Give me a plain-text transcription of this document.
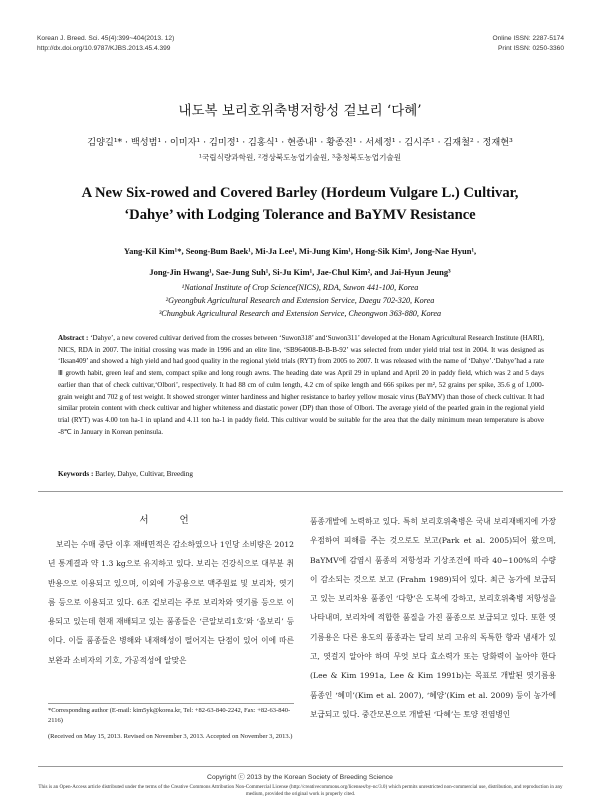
Korean J. Breed. Sci. 45(4):399~404(2013. 12)
http://dx.doi.org/10.9787/KJBS.2013.45.4.399
Online ISSN: 2287-5174
Print ISSN: 0250-3360
내도복 보리호위축병저항성 겉보리 ‘다혜’
김양길¹* · 백성범¹ · 이미자¹ · 김미정¹ · 김홍식¹ · 현종내¹ · 황종진¹ · 서세정¹ · 김시주¹ · 김재철² · 정재현³
¹국립식량과학원, ²경상북도농업기술원, ³충청북도농업기술원
A New Six-rowed and Covered Barley (Hordeum Vulgare L.) Cultivar,
‘Dahye’ with Lodging Tolerance and BaYMV Resistance
Yang-Kil Kim¹*, Seong-Bum Baek¹, Mi-Ja Lee¹, Mi-Jung Kim¹, Hong-Sik Kim¹, Jong-Nae Hyun¹,
Jong-Jin Hwang¹, Sae-Jung Suh¹, Si-Ju Kim¹, Jae-Chul Kim², and Jai-Hyun Jeung³
¹National Institute of Crop Science(NICS), RDA, Suwon 441-100, Korea
²Gyeongbuk Agricultural Research and Extension Service, Daegu 702-320, Korea
³Chungbuk Agricultural Research and Extension Service, Cheongwon 363-880, Korea
Abstract : ‘Dahye’, a new covered cultivar derived from the crosses between ‘Suwon318’ and‘Suwon311’ developed at the Honam Agricultural Research Institute (HARI), NICS, RDA in 2007. The initial crossing was made in 1996 and an elite line, ‘SB964008-B-B-B-92’ was selected from under yield trial test in 2004. It was designed as ‘Iksan409’ and showed a high yield and had good quality in the regional yield trials (RYT) from 2005 to 2007. It was released with the name of ‘Dahye’.‘Dahye’had a rate Ⅲ growth habit, green leaf and stem, compact spike and long rough awns. The heading date was April 29 in upland and April 20 in paddy field, which was 2 and 5 days earlier than that of check cultivar,‘Olbori’, respectively. It had 88 cm of culm length, 4.2 cm of spike length and 666 spikes per m², 52 grains per spike, 35.6 g of 1,000-grain weight and 702 g of test weight. It showed stronger winter hardiness and higher resistance to barley yellow mosaic virus (BaYMV) than those of check cultivar. It had similar protein content with check cultivar and higher whiteness and diastatic power (DP) than those of Olbori. The average yield of the pearled grain in the regional yield trial (RYT) was 4.00 ton ha-1 in upland and 4.11 ton ha-1 in paddy field. This cultivar would be suitable for the area that the daily minimum mean temperature is above -8℃ in January in Korean peninsula.
Keywords : Barley, Dahye, Cultivar, Breeding
서 언

보리는 수매 중단 이후 재배면적은 감소하였으나 1인당 소비량은 2012년 통계결과 약 1.3 kg으로 유지하고 있다. 보리는 건강식으로 대부분 취반용으로 이용되고 있으며, 이외에 가공용으로 맥주원료 및 보리차, 엿기름 등으로 이용되고 있다. 6조 겉보리는 주로 보리차와 엿기름 등으로 이용되고 있는데 현재 재배되고 있는 품종들은 ‘큰알보리1호’와 ‘올보리’ 등이다. 이들 품종들은 병해와 내재해성이 떨어지는 단점이 있어 이에 따른 보완과 소비자의 기호, 가공적성에 알맞은

품종개발에 노력하고 있다. 특히 보리호위축병은 국내 보리재배지에 가장 우점하여 피해를 주는 것으로도 보고(Park et al. 2005)되어 왔으며, BaYMV에 감염시 품종의 저항성과 기상조건에 따라 40∼100%의 수량이 감소되는 것으로 보고 (Frahm 1989)되어 있다. 최근 농가에 보급되고 있는 보리차용 품종인 ‘다향’은 도복에 강하고, 보리호위축병 저항성을 나타내며, 보리차에 적합한 품질을 가진 품종으로 보급되고 있다. 또한 엿기름용은 다른 용도의 품종과는 달리 보리 고유의 독특한 향과 냄새가 있고, 엿걸지 알아야 하며 무엇 보다 효소력가 또는 당화력이 높아야 한다(Lee & Kim 1991a, Lee & Kim 1991b)는 목표로 개발된 엿기름용 품종인 ‘혜미’(Kim et al. 2007), ‘혜양’(Kim et al. 2009) 등이 농가에 보급되고 있다. 중간모본으로 개발된 ‘다혜’는 토양 전염병인

*Corresponding author (E-mail: kim5yk@korea.kr, Tel: +82-63-840-2242, Fax: +82-63-840-2116)

(Received on May 15, 2013. Revised on November 3, 2013. Accepted on November 3, 2013.)

Copyright ⓒ 2013 by the Korean Society of Breeding Science
This is an Open-Access article distributed under the terms of the Creative Commons Attribution Non-Commercial License (http://creativecommons.org/licenses/by-nc/3.0) which permits unrestricted non-commercial use, distribution, and reproduction in any medium, provided the original work is properly cited.
